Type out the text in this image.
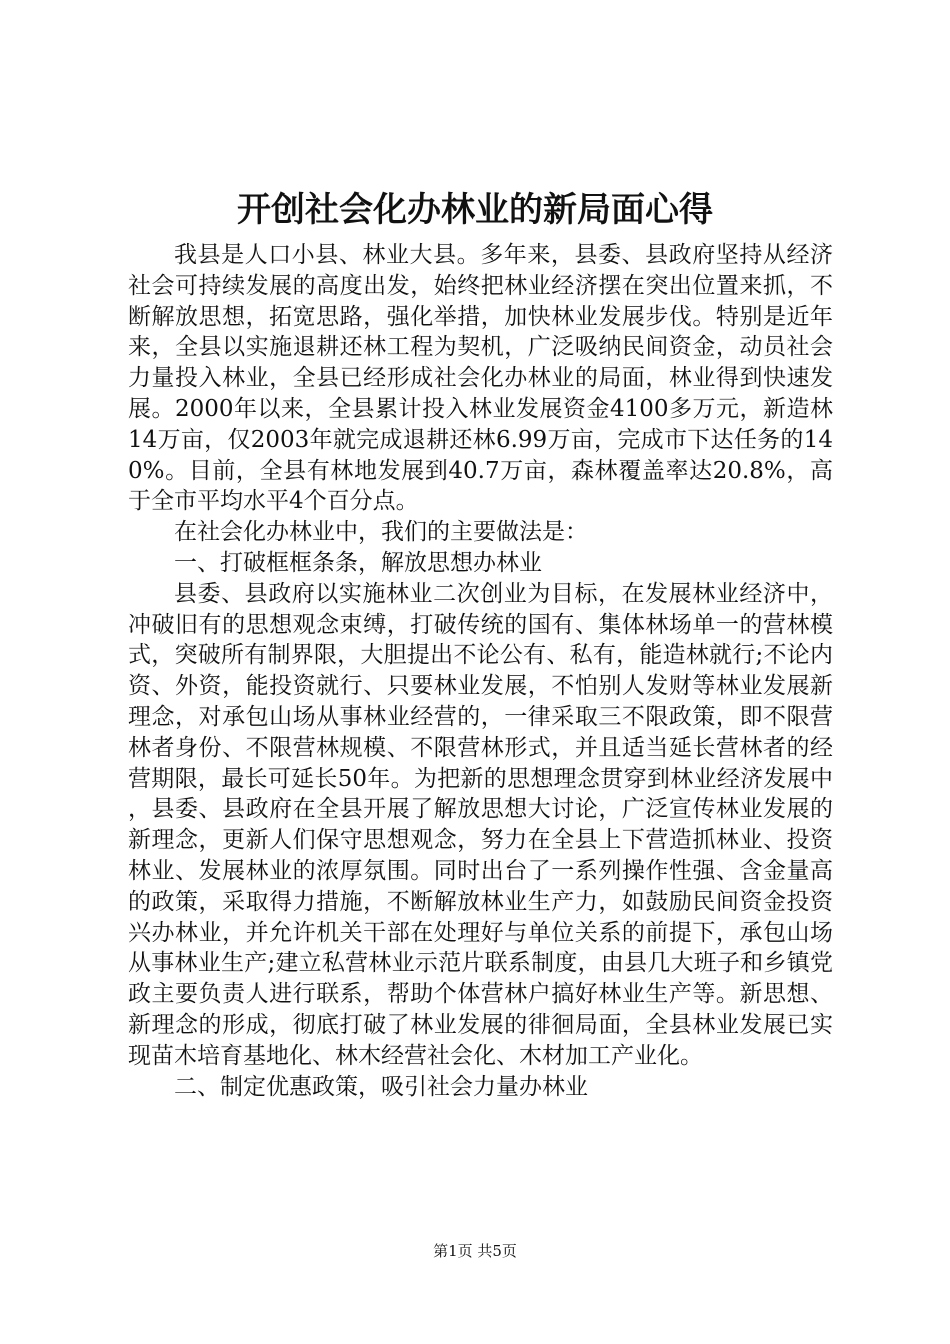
开创社会化办林业的新局面心得

我县是人口小县、林业大县。多年来，县委、县政府坚持从经济社会可持续发展的高度出发，始终把林业经济摆在突出位置来抓，不断解放思想，拓宽思路，强化举措，加快林业发展步伐。特别是近年来，全县以实施退耕还林工程为契机，广泛吸纳民间资金，动员社会力量投入林业，全县已经形成社会化办林业的局面，林业得到快速发展。2000年以来，全县累计投入林业发展资金4100多万元，新造林14万亩，仅2003年就完成退耕还林6.99万亩，完成市下达任务的140%。目前，全县有林地发展到40.7万亩，森林覆盖率达20.8%，高于全市平均水平4个百分点。

在社会化办林业中，我们的主要做法是：

一、打破框框条条，解放思想办林业

县委、县政府以实施林业二次创业为目标，在发展林业经济中，冲破旧有的思想观念束缚，打破传统的国有、集体林场单一的营林模式，突破所有制界限，大胆提出不论公有、私有，能造林就行;不论内资、外资，能投资就行、只要林业发展，不怕别人发财等林业发展新理念，对承包山场从事林业经营的，一律采取三不限政策，即不限营林者身份、不限营林规模、不限营林形式，并且适当延长营林者的经营期限，最长可延长50年。为把新的思想理念贯穿到林业经济发展中，县委、县政府在全县开展了解放思想大讨论，广泛宣传林业发展的新理念，更新人们保守思想观念，努力在全县上下营造抓林业、投资林业、发展林业的浓厚氛围。同时出台了一系列操作性强、含金量高的政策，采取得力措施，不断解放林业生产力，如鼓励民间资金投资兴办林业，并允许机关干部在处理好与单位关系的前提下，承包山场从事林业生产;建立私营林业示范片联系制度，由县几大班子和乡镇党政主要负责人进行联系，帮助个体营林户搞好林业生产等。新思想、新理念的形成，彻底打破了林业发展的徘徊局面，全县林业发展已实现苗木培育基地化、林木经营社会化、木材加工产业化。

二、制定优惠政策，吸引社会力量办林业

第1页 共5页
